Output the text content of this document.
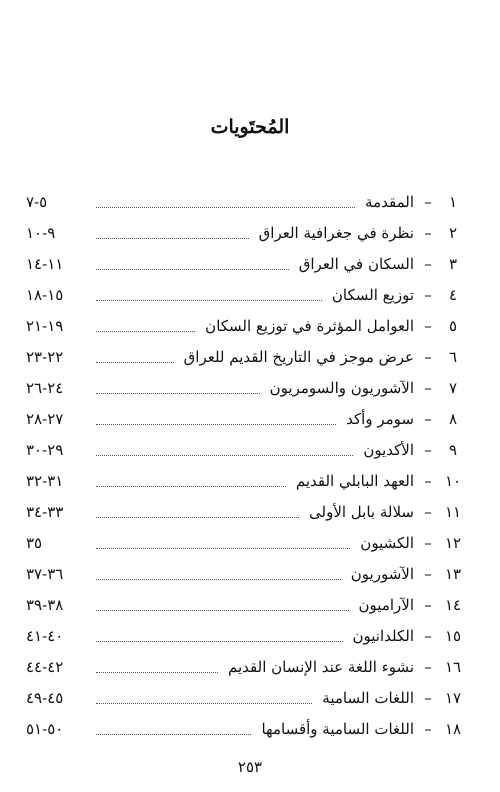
المُحتَويات
١
–
المقدمة
٥-٧
٢
–
نظرة في جغرافية العراق
٩-١٠
٣
–
السكان في العراق
١١-١٤
٤
–
توزيع السكان
١٥-١٨
٥
–
العوامل المؤثرة في توزيع السكان
١٩-٢١
٦
–
عرض موجز في التاريخ القديم للعراق
٢٢-٢٣
٧
–
الآشوريون والسومريون
٢٤-٢٦
٨
–
سومر وأكد
٢٧-٢٨
٩
–
الأكديون
٢٩-٣٠
١٠
–
العهد البابلي القديم
٣١-٣٢
١١
–
سلالة بابل الأولى
٣٣-٣٤
١٢
–
الكشيون
٣٥
١٣
–
الآشوريون
٣٦-٣٧
١٤
–
الآراميون
٣٨-٣٩
١٥
–
الكلدانيون
٤٠-٤١
١٦
–
نشوء اللغة عند الإنسان القديم
٤٢-٤٤
١٧
–
اللغات السامية
٤٥-٤٩
١٨
–
اللغات السامية وأقسامها
٥٠-٥١
٢٥٣
